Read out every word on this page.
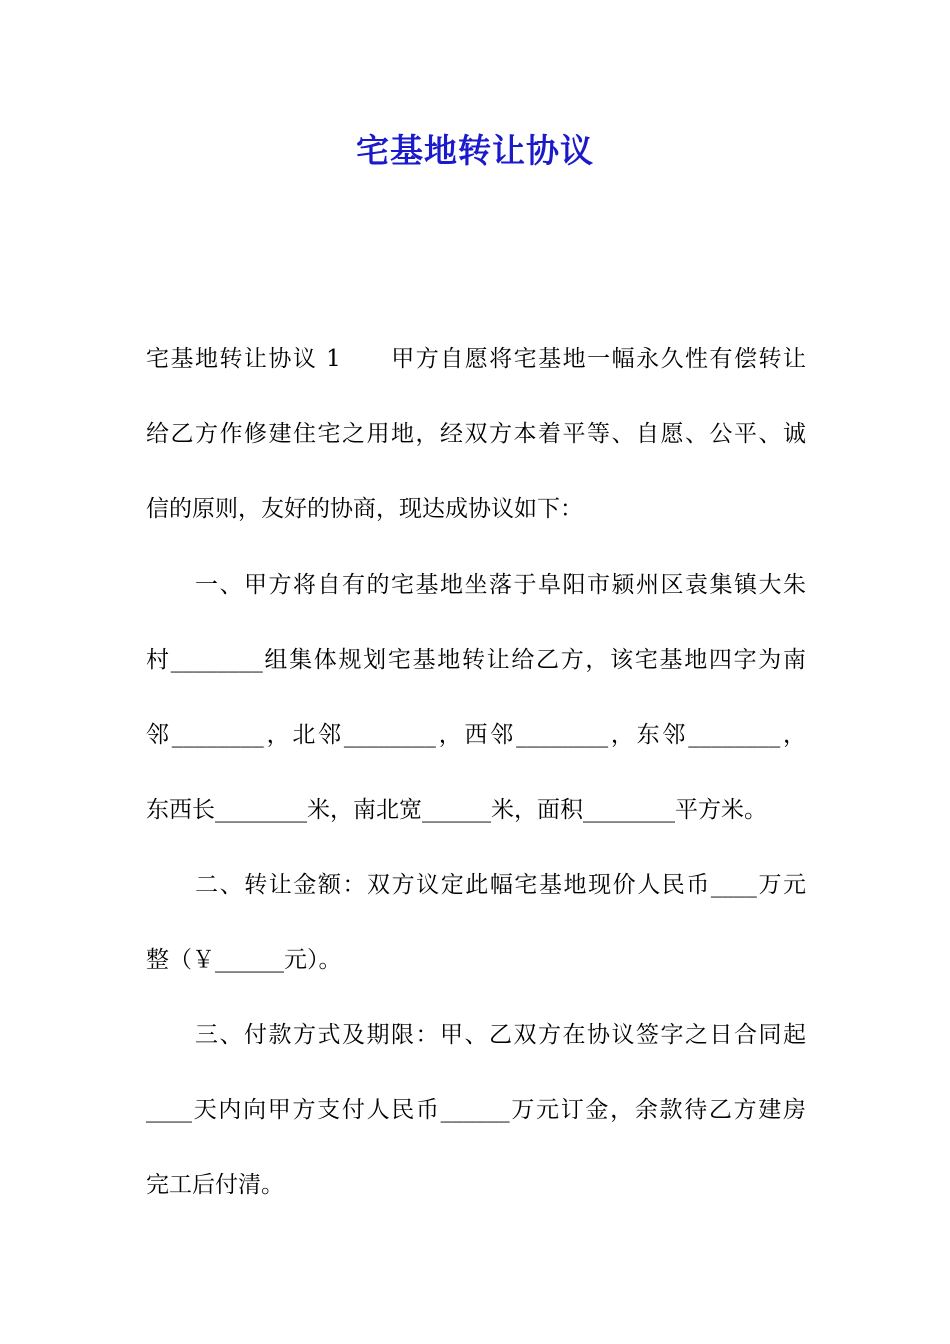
宅基地转让协议
宅基地转让协议 1　　甲方自愿将宅基地一幅永久性有偿转让
给乙方作修建住宅之用地，经双方本着平等、自愿、公平、诚
信的原则，友好的协商，现达成协议如下：
　　一、甲方将自有的宅基地坐落于阜阳市颍州区袁集镇大朱
村________组集体规划宅基地转让给乙方，该宅基地四字为南
邻________，北邻________，西邻________，东邻________，
东西长________米，南北宽______米，面积________平方米。
　　二、转让金额：双方议定此幅宅基地现价人民币____万元
整（￥______元）。
　　三、付款方式及期限：甲、乙双方在协议签字之日合同起
____天内向甲方支付人民币______万元订金，余款待乙方建房
完工后付清。
